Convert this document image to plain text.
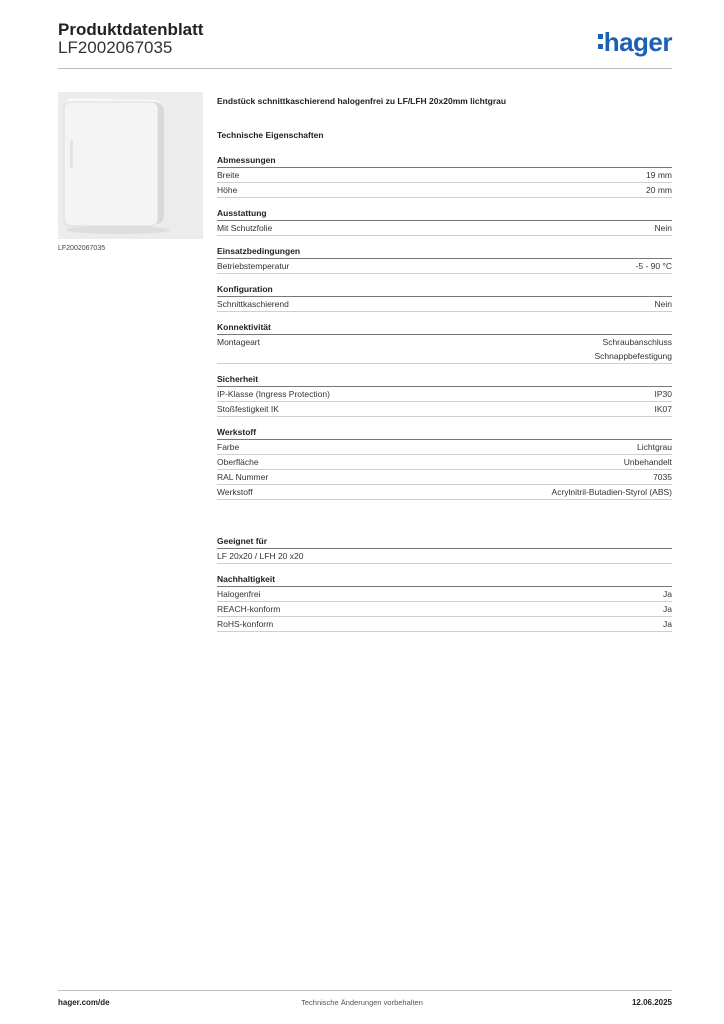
Produktdatenblatt
LF2002067035	hager
LF2002067035
Endstück schnittkaschierend halogenfrei zu LF/LFH 20x20mm lichtgrau
Technische Eigenschaften
Abmessungen
Breite	19 mm
Höhe	20 mm
Ausstattung
Mit Schutzfolie	Nein
Einsatzbedingungen
Betriebstemperatur	-5 - 90 °C
Konfiguration
Schnittkaschierend	Nein
Konnektivität
Montageart	Schraubanschluss
Schnappbefestigung
Sicherheit
IP-Klasse (Ingress Protection)	IP30
Stoßfestigkeit IK	IK07
Werkstoff
Farbe	Lichtgrau
Oberfläche	Unbehandelt
RAL Nummer	7035
Werkstoff	Acrylnitril-Butadien-Styrol (ABS)
Geeignet für
LF 20x20 / LFH 20 x20
Nachhaltigkeit
Halogenfrei	Ja
REACH-konform	Ja
RoHS-konform	Ja
hager.com/de	Technische Änderungen vorbehalten	12.06.2025
